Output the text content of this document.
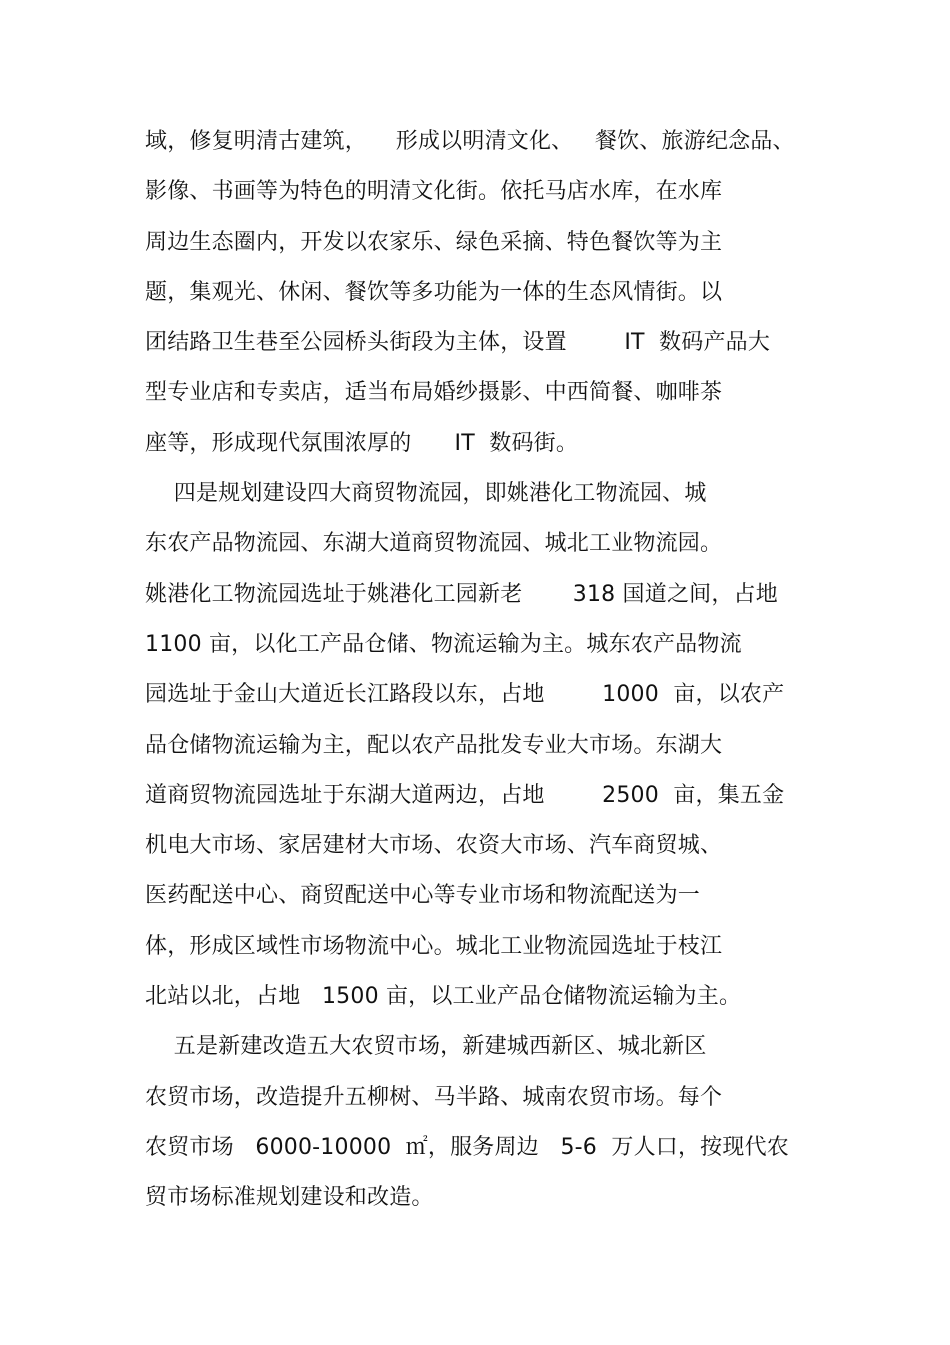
域，修复明清古建筑，    形成以明清文化、   餐饮、旅游纪念品、
影像、书画等为特色的明清文化街。依托马店水库，在水库
周边生态圈内，开发以农家乐、绿色采摘、特色餐饮等为主
题，集观光、休闲、餐饮等多功能为一体的生态风情街。以
团结路卫生巷至公园桥头街段为主体，设置        IT  数码产品大
型专业店和专卖店，适当布局婚纱摄影、中西简餐、咖啡茶
座等，形成现代氛围浓厚的      IT  数码街。
四是规划建设四大商贸物流园，即姚港化工物流园、城
东农产品物流园、东湖大道商贸物流园、城北工业物流园。
姚港化工物流园选址于姚港化工园新老       318 国道之间，占地
1100 亩，以化工产品仓储、物流运输为主。城东农产品物流
园选址于金山大道近长江路段以东，占地        1000  亩，以农产
品仓储物流运输为主，配以农产品批发专业大市场。东湖大
道商贸物流园选址于东湖大道两边，占地        2500  亩，集五金
机电大市场、家居建材大市场、农资大市场、汽车商贸城、
医药配送中心、商贸配送中心等专业市场和物流配送为一
体，形成区域性市场物流中心。城北工业物流园选址于枝江
北站以北，占地   1500 亩，以工业产品仓储物流运输为主。
五是新建改造五大农贸市场，新建城西新区、城北新区
农贸市场，改造提升五柳树、马半路、城南农贸市场。每个
农贸市场   6000-10000  ㎡，服务周边   5-6  万人口，按现代农
贸市场标准规划建设和改造。
